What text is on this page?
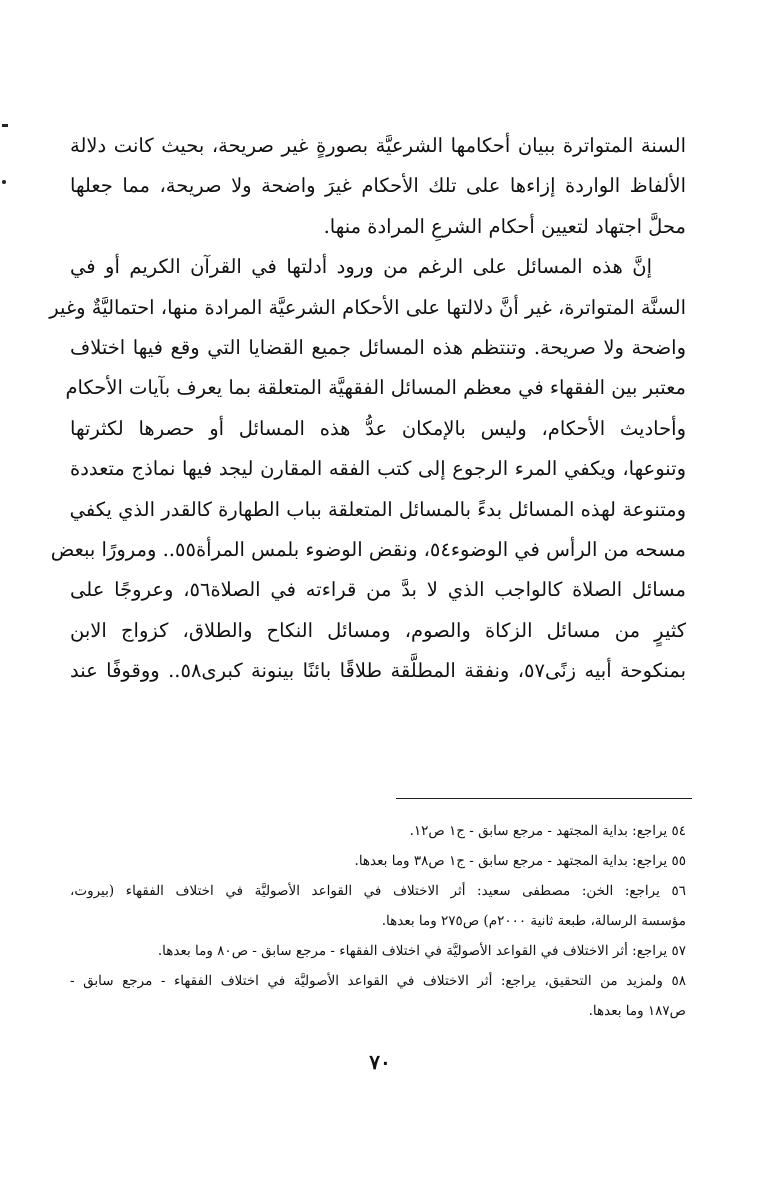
السنة المتواترة ببيان أحكامها الشرعيَّة بصورةٍ غير صريحة، بحيث كانت دلالة
الألفاظ الواردة إزاءها على تلك الأحكام غيرَ واضحة ولا صريحة، مما جعلها
محلَّ اجتهاد لتعيين أحكام الشرعِ المرادة منها.
إنَّ هذه المسائل على الرغم من ورود أدلتها في القرآن الكريم أو في
السنَّة المتواترة، غير أنَّ دلالتها على الأحكام الشرعيَّة المرادة منها، احتماليَّةٌ وغير
واضحة ولا صريحة. وتنتظم هذه المسائل جميع القضايا التي وقع فيها اختلاف
معتبر بين الفقهاء في معظم المسائل الفقهيَّة المتعلقة بما يعرف بآيات الأحكام
وأحاديث الأحكام، وليس بالإمكان عدُّ هذه المسائل أو حصرها لكثرتها
وتنوعها، ويكفي المرء الرجوع إلى كتب الفقه المقارن ليجد فيها نماذج متعددة
ومتنوعة لهذه المسائل بدءً بالمسائل المتعلقة بباب الطهارة كالقدر الذي يكفي
مسحه من الرأس في الوضوء٥٤، ونقض الوضوء بلمس المرأة٥٥.. ومرورًا ببعض
مسائل الصلاة كالواجب الذي لا بدَّ من قراءته في الصلاة٥٦، وعروجًا على
كثيرٍ من مسائل الزكاة والصوم، ومسائل النكاح والطلاق، كزواج الابن
بمنكوحة أبيه زنًى٥٧، ونفقة المطلَّقة طلاقًا بائنًا بينونة كبرى٥٨.. ووقوفًا عند
٥٤ يراجع: بداية المجتهد - مرجع سابق - ج١ ص١٢.
٥٥ يراجع: بداية المجتهد - مرجع سابق - ج١ ص٣٨ وما بعدها.
٥٦ يراجع: الخن: مصطفى سعيد: أثر الاختلاف في القواعد الأصوليَّة في اختلاف الفقهاء (بيروت،
مؤسسة الرسالة، طبعة ثانية ٢٠٠٠م) ص٢٧٥ وما بعدها.
٥٧ يراجع: أثر الاختلاف في القواعد الأصوليَّة في اختلاف الفقهاء - مرجع سابق - ص٨٠ وما بعدها.
٥٨ ولمزيد من التحقيق، يراجع: أثر الاختلاف في القواعد الأصوليَّة في اختلاف الفقهاء - مرجع سابق -
ص١٨٧ وما بعدها.
٧٠
